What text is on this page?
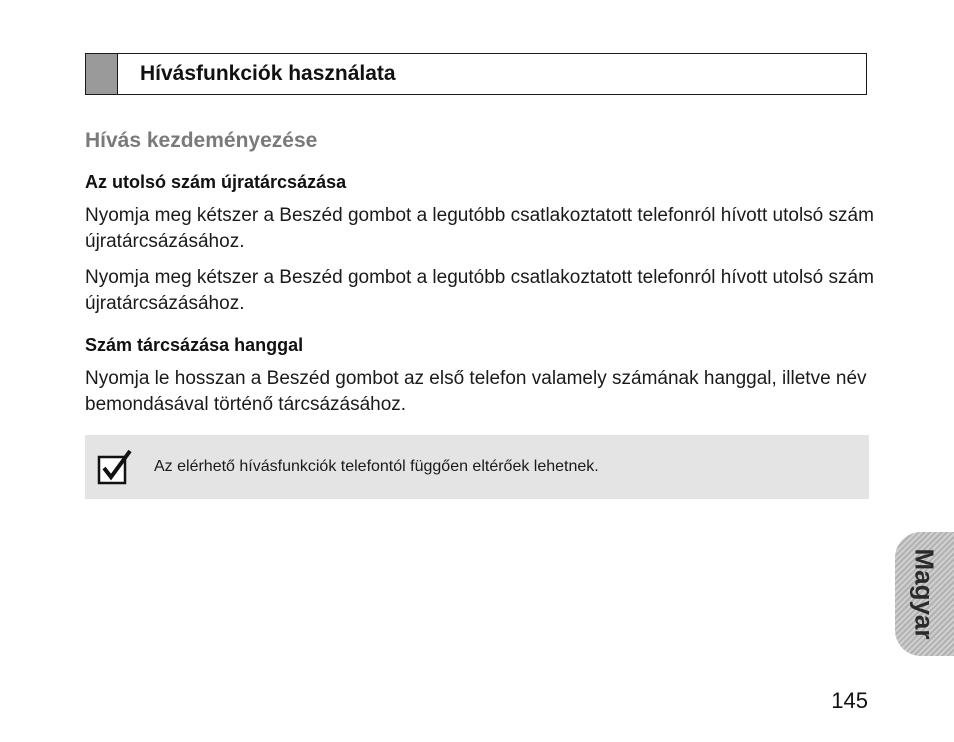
Hívásfunkciók használata
Hívás kezdeményezése
Az utolsó szám újratárcsázása

Nyomja meg kétszer a Beszéd gombot a legutóbb csatlakoztatott telefonról hívott utolsó szám újratárcsázásához.

Nyomja meg kétszer a Beszéd gombot a legutóbb csatlakoztatott telefonról hívott utolsó szám újratárcsázásához.

Szám tárcsázása hanggal

Nyomja le hosszan a Beszéd gombot az első telefon valamely számának hanggal, illetve név bemondásával történő tárcsázásához.

Az elérhető hívásfunkciók telefontól függően eltérőek lehetnek.
Magyar
145
